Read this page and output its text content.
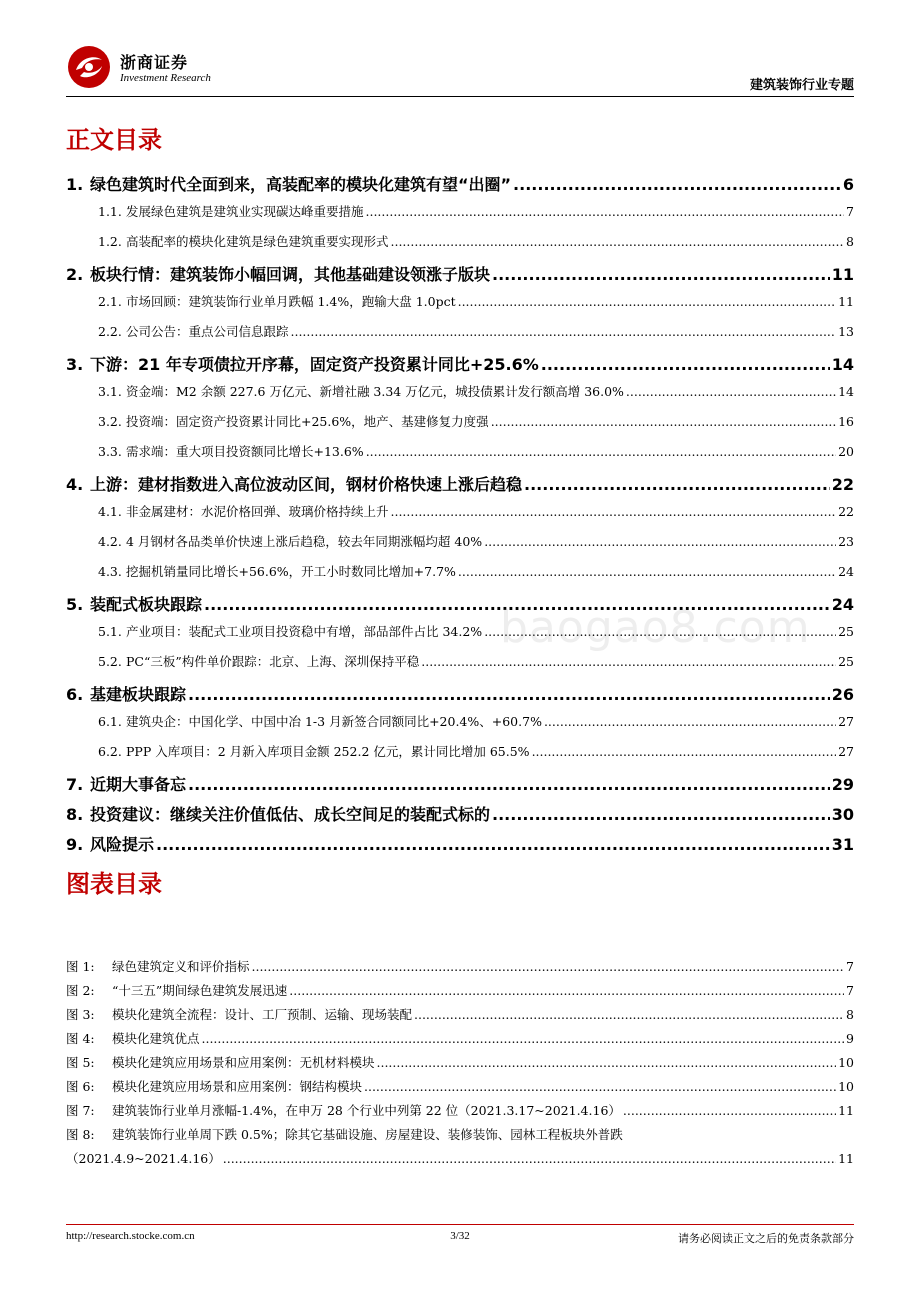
浙商证券
Investment Research	建筑装饰行业专题
正文目录
1. 绿色建筑时代全面到来，高装配率的模块化建筑有望“出圈” .....	6
1.1. 发展绿色建筑是建筑业实现碳达峰重要措施 .....	7
1.2. 高装配率的模块化建筑是绿色建筑重要实现形式 .....	8
2. 板块行情：建筑装饰小幅回调，其他基础建设领涨子版块 .....	11
2.1. 市场回顾：建筑装饰行业单月跌幅 1.4%，跑输大盘 1.0pct .....	11
2.2. 公司公告：重点公司信息跟踪 .....	13
3. 下游：21 年专项债拉开序幕，固定资产投资累计同比+25.6% .....	14
3.1. 资金端：M2 余额 227.6 万亿元、新增社融 3.34 万亿元，城投债累计发行额高增 36.0% .....	14
3.2. 投资端：固定资产投资累计同比+25.6%，地产、基建修复力度强 .....	16
3.3. 需求端：重大项目投资额同比增长+13.6% .....	20
4. 上游：建材指数进入高位波动区间，钢材价格快速上涨后趋稳 .....	22
4.1. 非金属建材：水泥价格回弹、玻璃价格持续上升 .....	22
4.2. 4 月钢材各品类单价快速上涨后趋稳，较去年同期涨幅均超 40% .....	23
4.3. 挖掘机销量同比增长+56.6%，开工小时数同比增加+7.7% .....	24
5. 装配式板块跟踪 .....	24
5.1. 产业项目：装配式工业项目投资稳中有增，部品部件占比 34.2% .....	25
5.2. PC“三板”构件单价跟踪：北京、上海、深圳保持平稳 .....	25
6. 基建板块跟踪 .....	26
6.1. 建筑央企：中国化学、中国中冶 1-3 月新签合同额同比+20.4%、+60.7% .....	27
6.2. PPP 入库项目：2 月新入库项目金额 252.2 亿元，累计同比增加 65.5% .....	27
7. 近期大事备忘 .....	29
8. 投资建议：继续关注价值低估、成长空间足的装配式标的 .....	30
9. 风险提示 .....	31
baogao8.com
图表目录
图 1:	绿色建筑定义和评价指标 .....	7
图 2:	“十三五”期间绿色建筑发展迅速 .....	7
图 3:	模块化建筑全流程：设计、工厂预制、运输、现场装配 .....	8
图 4:	模块化建筑优点 .....	9
图 5:	模块化建筑应用场景和应用案例：无机材料模块 .....	10
图 6:	模块化建筑应用场景和应用案例：钢结构模块 .....	10
图 7:	建筑装饰行业单月涨幅-1.4%，在申万 28 个行业中列第 22 位（2021.3.17~2021.4.16） .....	11
图 8: 建筑装饰行业单周下跌 0.5%；除其它基础设施、房屋建设、装修装饰、园林工程板块外普跌
（2021.4.9~2021.4.16） .....	11
http://research.stocke.com.cn	3/32	请务必阅读正文之后的免责条款部分
